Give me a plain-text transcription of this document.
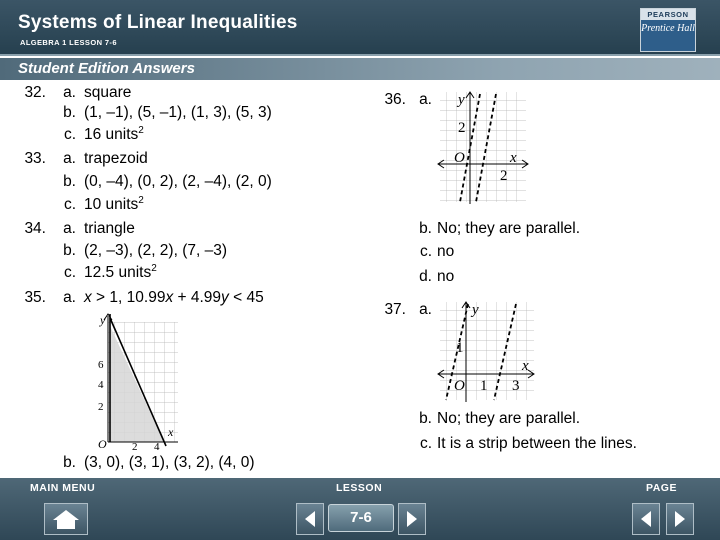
Systems of Linear Inequalities
ALGEBRA 1 LESSON 7-6
PEARSON
Prentice Hall
Student Edition Answers
32.	a. square
b. (1, –1), (5, –1), (1, 3), (5, 3)
c. 16 units$^2$
33.	a. trapezoid
b. (0, –4), (0, 2), (2, –4), (2, 0)
c. 10 units$^2$
34.	a. triangle
b. (2, –3), (2, 2), (7, –3)
c. 12.5 units$^2$
35.	a. x > 1, 10.99x + 4.99y < 45
b. (3, 0), (3, 1), (3, 2), (4, 0)
y
6
4
2
O 2 4
x
36. a.
b. No; they are parallel.
c. no
d. no
37. a.
b. No; they are parallel.
c. It is a strip between the lines.
y
2
O
2
x
y
1
O 1 3
x
MAIN MENU	LESSON	PAGE
7-6
